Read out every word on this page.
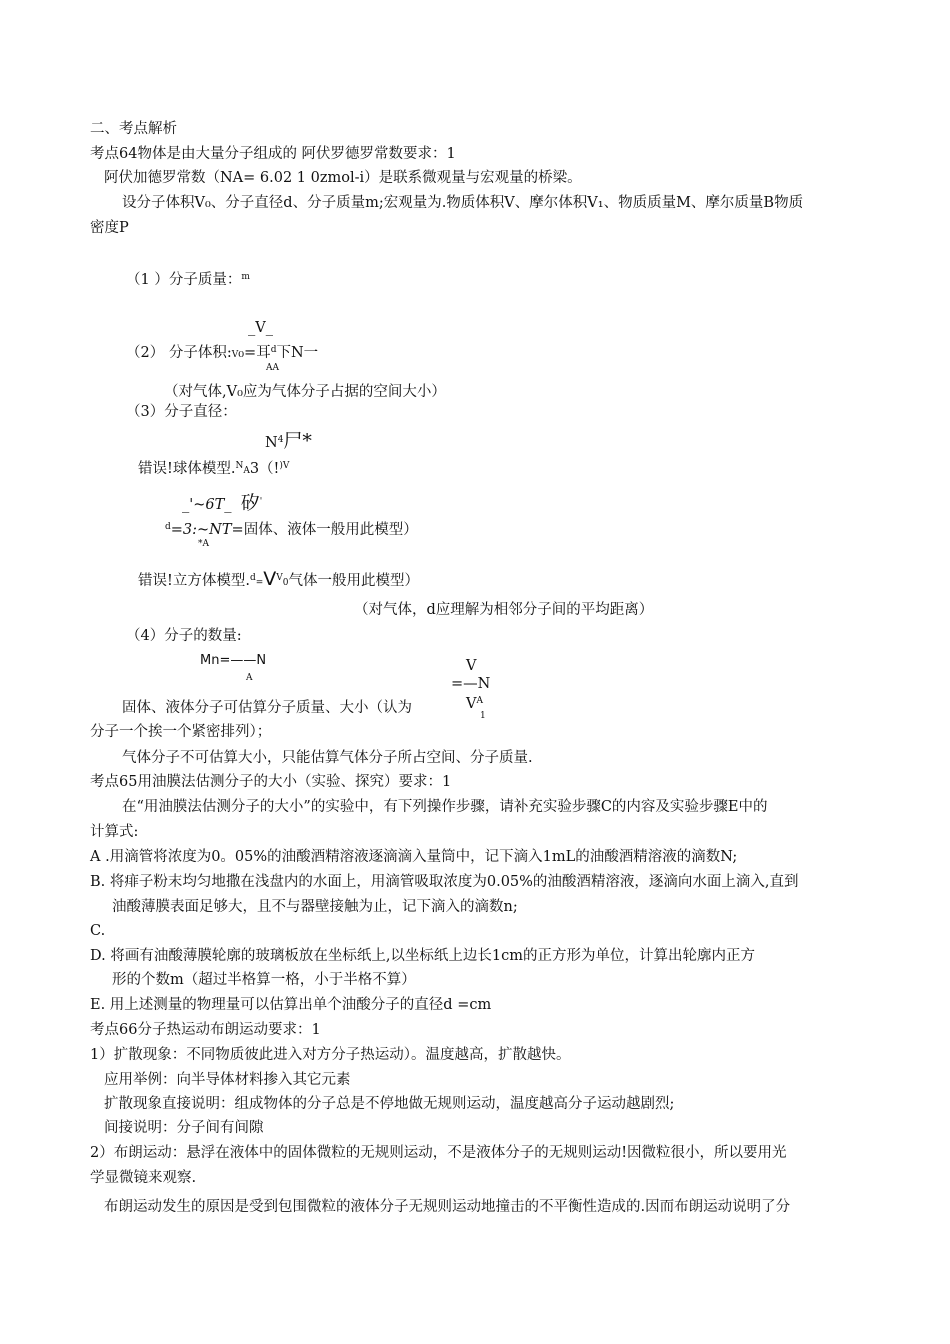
二、考点解析
考点64物体是由大量分子组成的 阿伏罗德罗常数要求：1
阿伏加德罗常数（NA= 6.02 1 0zmol-i）是联系微观量与宏观量的桥梁。
设分子体积V₀、分子直径d、分子质量m;宏观量为.物质体积V、摩尔体积V₁、物质质量M、摩尔质量B物质
密度P
（1 ）分子质量：$^m$
_V_
（2） 分子体积:V₀=耳$^d$下N一
AA
（对气体,V₀应为气体分子占据的空间大小）
（3）分子直径：
$N^4$尸*
错误!球体模型.$^N$A3（!$^{)V}$
_'~6T_ 矽'
$^d$=3:~NT=固体、液体一般用此模型）
*A
错误!立方体模型$.^d=V^V0$气体一般用此模型）
（对气体，d应理解为相邻分子间的平均距离）
（4）分子的数量:
Mn=——N
A
V
=—N
$V^A$
1
固体、液体分子可估算分子质量、大小（认为
分子一个挨一个紧密排列）；
气体分子不可估算大小，只能估算气体分子所占空间、分子质量.
考点65用油膜法估测分子的大小（实验、探究）要求：1
在“用油膜法估测分子的大小”的实验中，有下列操作步骤，请补充实验步骤C的内容及实验步骤E中的
计算式:
A .用滴管将浓度为0。05%的油酸酒精溶液逐滴滴入量筒中，记下滴入1mL的油酸酒精溶液的滴数N;
B. 将痱子粉末均匀地撒在浅盘内的水面上，用滴管吸取浓度为0.05%的油酸酒精溶液，逐滴向水面上滴入,直到
油酸薄膜表面足够大，且不与器壁接触为止，记下滴入的滴数n;
C.
D. 将画有油酸薄膜轮廓的玻璃板放在坐标纸上,以坐标纸上边长1cm的正方形为单位，计算出轮廓内正方
形的个数m（超过半格算一格，小于半格不算）
E. 用上述测量的物理量可以估算出单个油酸分子的直径d =cm
考点66分子热运动布朗运动要求：1
1）扩散现象：不同物质彼此进入对方分子热运动）。温度越高，扩散越快。
应用举例：向半导体材料掺入其它元素
扩散现象直接说明：组成物体的分子总是不停地做无规则运动，温度越高分子运动越剧烈;
间接说明：分子间有间隙
2）布朗运动：悬浮在液体中的固体微粒的无规则运动，不是液体分子的无规则运动!因微粒很小，所以要用光
学显微镜来观察.
布朗运动发生的原因是受到包围微粒的液体分子无规则运动地撞击的不平衡性造成的.因而布朗运动说明了分
